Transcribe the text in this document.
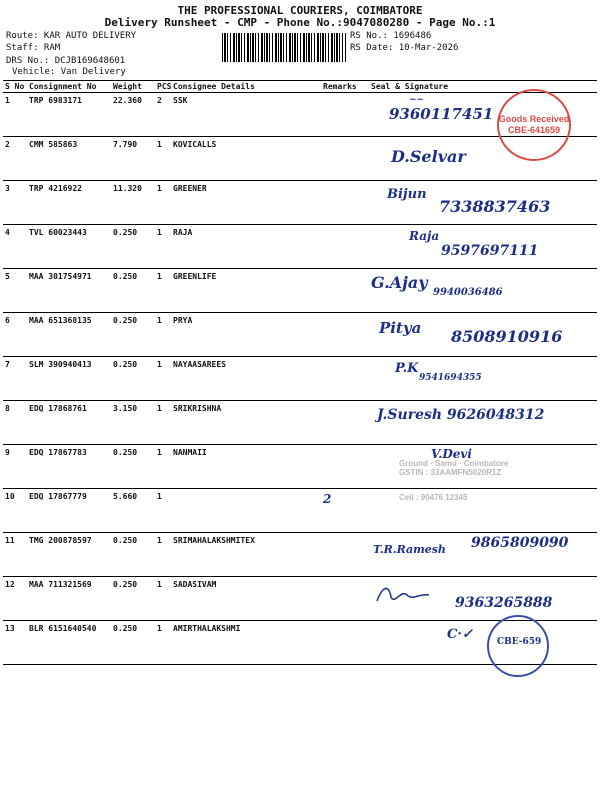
THE PROFESSIONAL COURIERS, COIMBATORE
Delivery Runsheet - CMP - Phone No.:9047080280 - Page No.:1
Route: KAR AUTO DELIVERY
Staff: RAM
DRS No.: DCJB169648601
Vehicle: Van Delivery
RS No.: 1696486
RS Date: 10-Mar-2026
S No	Consignment No	Weight	PCS	Consignee Details	Remarks	Seal & Signature
1	TRP 6983171	22.360	2	SSK		~~
9360117451 Goods Received
CBE-641659

2	CMM 585863	7.790	1	KOVICALLS		D.Selvar

3	TRP 4216922	11.320	1	GREENER		Bijun
7338837463

4	TVL 60023443	0.250	1	RAJA		Raja
9597697111

5	MAA 301754971	0.250	1	GREENLIFE		G.Ajay
9940036486

6	MAA 651368135	0.250	1	PRYA		Pitya 8508910916

7	SLM 390940413	0.250	1	NAYAASAREES		P.K
9541694355

8	EDQ 17868761	3.150	1	SRIKRISHNA		J.Suresh 9626048312

9	EDQ 17867783	0.250	1	NANMAII		V.Devi
Ground · Samu · Coimbatore
GSTIN : 33AAMFN5020R1Z

10	EDQ 17867779	5.660	1		2	Cell : 90476 12345

11	TMG 200878597	0.250	1	SRIMAHALAKSHMITEX		T.R.Ramesh 9865809090

12	MAA 711321569	0.250	1	SADASIVAM		9363265888

13	BLR 6151640540	0.250	1	AMIRTHALAKSHMI		C·✓ CBE-659
